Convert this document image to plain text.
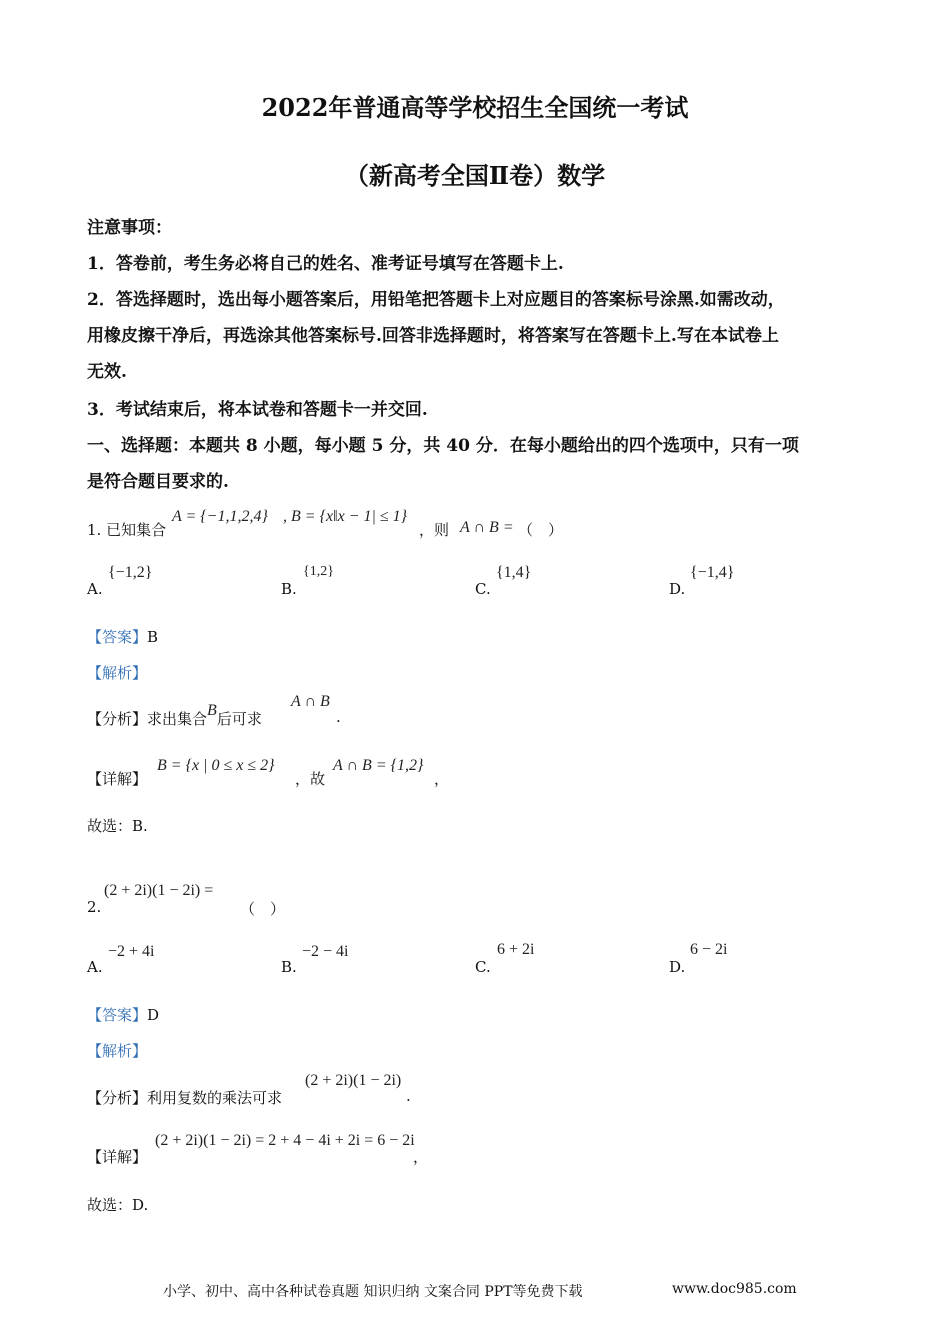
2022年普通高等学校招生全国统一考试
（新高考全国Ⅱ卷）数学
注意事项：
1．答卷前，考生务必将自己的姓名、准考证号填写在答题卡上.
2．答选择题时，选出每小题答案后，用铅笔把答题卡上对应题目的答案标号涂黑.如需改动，
用橡皮擦干净后，再选涂其他答案标号.回答非选择题时，将答案写在答题卡上.写在本试卷上
无效.
3．考试结束后，将本试卷和答题卡一并交回.
一、选择题：本题共 8 小题，每小题 5 分，共 40 分．在每小题给出的四个选项中，只有一项
是符合题目要求的.
1. 已知集合
A = {−1,1,2,4} , B = {x‖x − 1| ≤ 1}
，则 A ∩ B = （　）
A.
{−1,2}
B.
{1,2}
C.
{1,4}
D.
{−1,4}
【答案】B
【解析】
【分析】求出集合B后可求
A ∩ B
.
【详解】
B = {x | 0 ≤ x ≤ 2}
，故
A ∩ B = {1,2}
，
故选：B.
2.
(2 + 2i)(1 − 2i) =
（　）
A.
−2 + 4i
B.
−2 − 4i
C.
6 + 2i
D.
6 − 2i
【答案】D
【解析】
【分析】利用复数的乘法可求
(2 + 2i)(1 − 2i)
.
【详解】
(2 + 2i)(1 − 2i) = 2 + 4 − 4i + 2i = 6 − 2i
，
故选：D.
小学、初中、高中各种试卷真题 知识归纳 文案合同 PPT等免费下载	www.doc985.com
